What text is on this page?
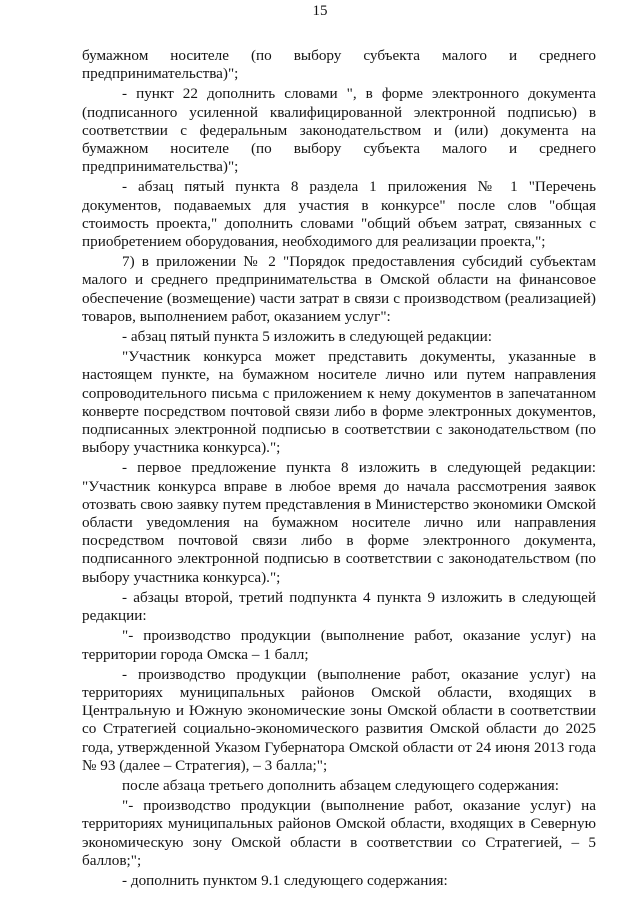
15

бумажном носителе (по выбору субъекта малого и среднего предпринимательства)";

- пункт 22 дополнить словами ", в форме электронного документа (подписанного усиленной квалифицированной электронной подписью) в соответствии с федеральным законодательством и (или) документа на бумажном носителе (по выбору субъекта малого и среднего предпринимательства)";

- абзац пятый пункта 8 раздела 1 приложения № 1 "Перечень документов, подаваемых для участия в конкурсе" после слов "общая стоимость проекта," дополнить словами "общий объем затрат, связанных с приобретением оборудования, необходимого для реализации проекта,";

7) в приложении № 2 "Порядок предоставления субсидий субъектам малого и среднего предпринимательства в Омской области на финансовое обеспечение (возмещение) части затрат в связи с производством (реализацией) товаров, выполнением работ, оказанием услуг":

- абзац пятый пункта 5 изложить в следующей редакции:

"Участник конкурса может представить документы, указанные в настоящем пункте, на бумажном носителе лично или путем направления сопроводительного письма с приложением к нему документов в запечатанном конверте посредством почтовой связи либо в форме электронных документов, подписанных электронной подписью в соответствии с законодательством (по выбору участника конкурса).";

- первое предложение пункта 8 изложить в следующей редакции: "Участник конкурса вправе в любое время до начала рассмотрения заявок отозвать свою заявку путем представления в Министерство экономики Омской области уведомления на бумажном носителе лично или направления посредством почтовой связи либо в форме электронного документа, подписанного электронной подписью в соответствии с законодательством (по выбору участника конкурса).";

- абзацы второй, третий подпункта 4 пункта 9 изложить в следующей редакции:

"- производство продукции (выполнение работ, оказание услуг) на территории города Омска – 1 балл;

- производство продукции (выполнение работ, оказание услуг) на территориях муниципальных районов Омской области, входящих в Центральную и Южную экономические зоны Омской области в соответствии со Стратегией социально-экономического развития Омской области до 2025 года, утвержденной Указом Губернатора Омской области от 24 июня 2013 года № 93 (далее – Стратегия), – 3 балла;";

после абзаца третьего дополнить абзацем следующего содержания:

"- производство продукции (выполнение работ, оказание услуг) на территориях муниципальных районов Омской области, входящих в Северную экономическую зону Омской области в соответствии со Стратегией, – 5 баллов;";

- дополнить пунктом 9.1 следующего содержания:
